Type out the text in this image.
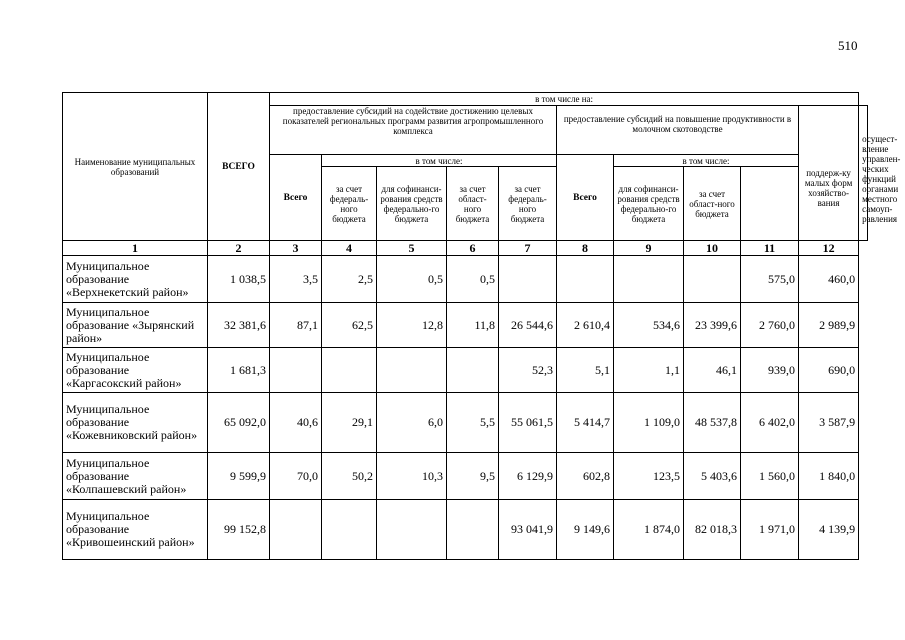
510
Наименование муниципальных образований	ВСЕГО	в том числе на:										
		предоставление субсидий на содействие достижению целевых показателей региональных программ развития агропромышленного комплекса					предоставление субсидий на повышение продуктивности в молочном скотоводстве				поддерж-ку малых форм хозяйство-вания	осущест-вление управлен-ческих функций органами местного самоуп-равления
		Всего	в том числе:				Всего	в том числе:				
			за счет федераль-ного бюджета	для софинанси-рования средств федерально-го бюджета	за счет област-ного бюджета	за счет федераль-ного бюджета		для софинанси-рования средств федерально-го бюджета	за счет област-ного бюджета			
1	2	3	4	5	6	7	8	9	10	11	12	
Муниципальное образование «Верхнекетский район»	1 038,5	3,5	2,5	0,5	0,5					575,0	460,0	
Муниципальное образование «Зырянский район»	32 381,6	87,1	62,5	12,8	11,8	26 544,6	2 610,4	534,6	23 399,6	2 760,0	2 989,9	
Муниципальное образование «Каргасокский район»	1 681,3					52,3	5,1	1,1	46,1	939,0	690,0	
Муниципальное образование «Кожевниковский район»	65 092,0	40,6	29,1	6,0	5,5	55 061,5	5 414,7	1 109,0	48 537,8	6 402,0	3 587,9	
Муниципальное образование «Колпашевский район»	9 599,9	70,0	50,2	10,3	9,5	6 129,9	602,8	123,5	5 403,6	1 560,0	1 840,0	
Муниципальное образование «Кривошеинский район»	99 152,8					93 041,9	9 149,6	1 874,0	82 018,3	1 971,0	4 139,9	
